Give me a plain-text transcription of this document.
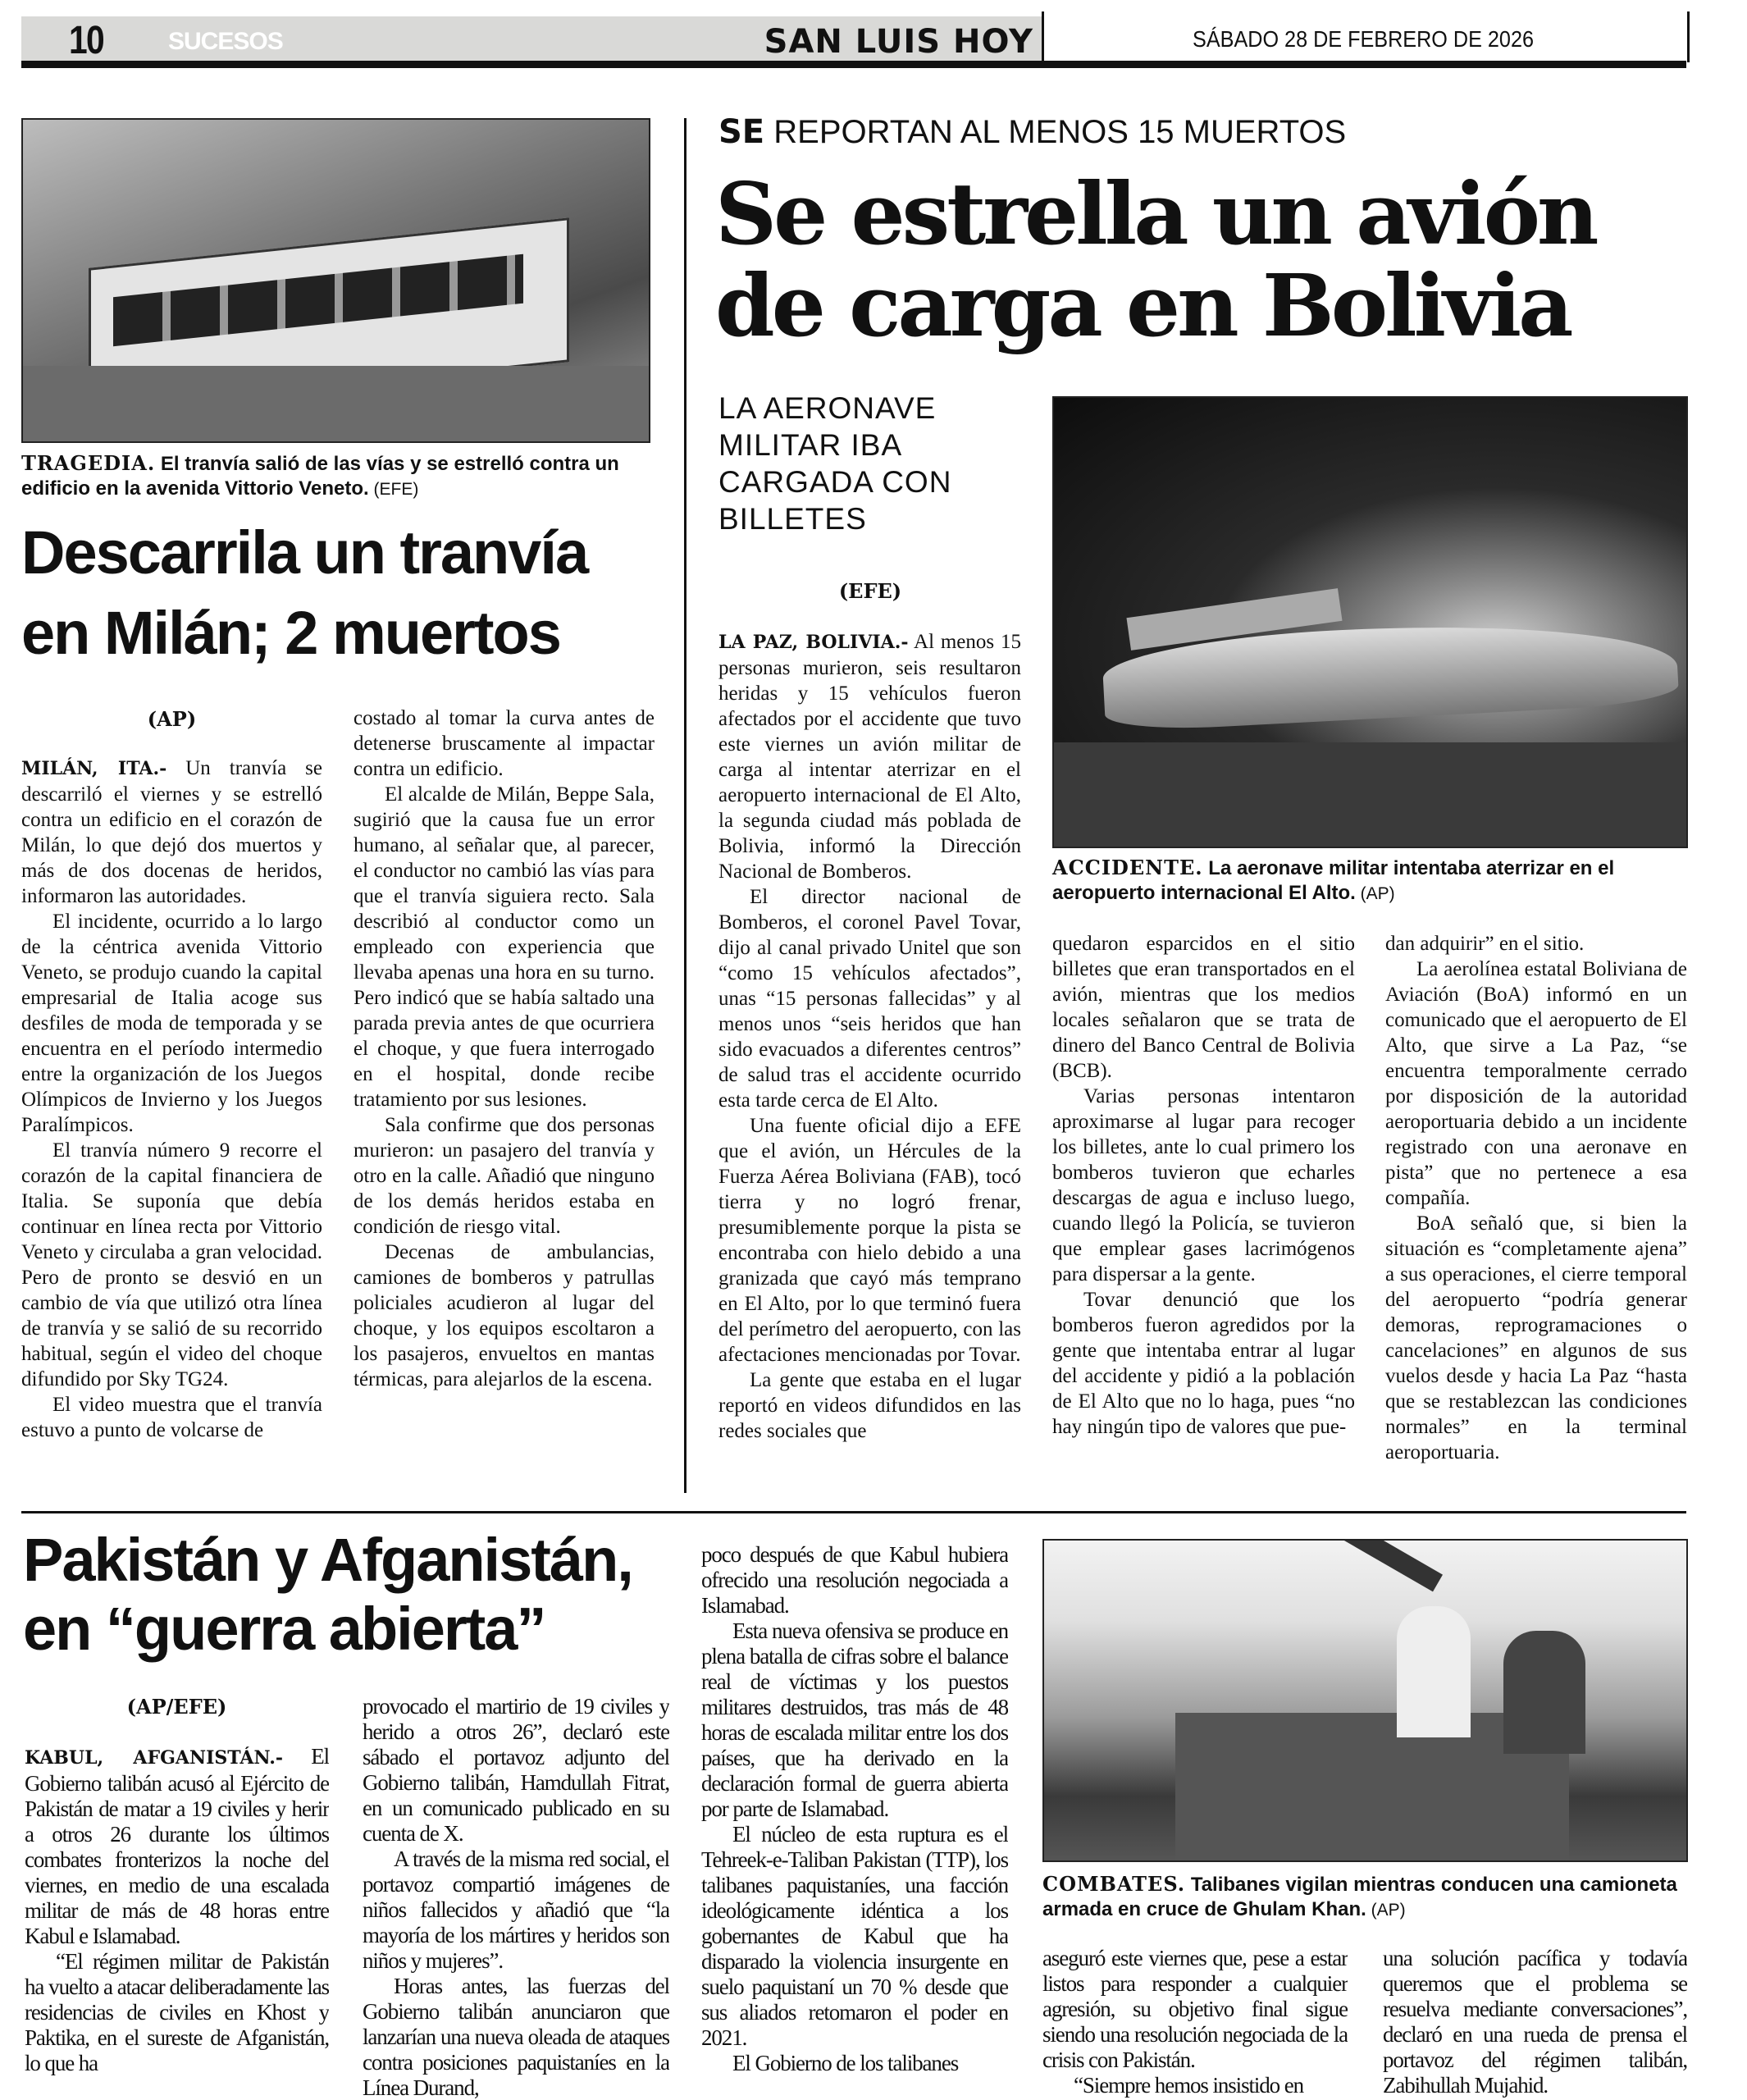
10	SUCESOS	SAN LUIS HOY	SÁBADO 28 DE FEBRERO DE 2026
TRAGEDIA. El tranvía salió de las vías y se estrelló contra un edificio en la avenida Vittorio Veneto. (EFE)
Descarrila un tranvía en Milán; 2 muertos
(AP)

MILÁN, ITA.- Un tranvía se descarriló el viernes y se estrelló contra un edificio en el corazón de Milán, lo que dejó dos muertos y más de dos docenas de heridos, informaron las autoridades.

El incidente, ocurrido a lo largo de la céntrica avenida Vittorio Veneto, se produjo cuando la capital empresarial de Italia acoge sus desfiles de moda de temporada y se encuentra en el período intermedio entre la organización de los Juegos Olímpicos de Invierno y los Juegos Paralímpicos.

El tranvía número 9 recorre el corazón de la capital financiera de Italia. Se suponía que debía continuar en línea recta por Vittorio Veneto y circulaba a gran velocidad. Pero de pronto se desvió en un cambio de vía que utilizó otra línea de tranvía y se salió de su recorrido habitual, según el video del choque difundido por Sky TG24.

El video muestra que el tranvía estuvo a punto de volcarse de

costado al tomar la curva antes de detenerse bruscamente al impactar contra un edificio.

El alcalde de Milán, Beppe Sala, sugirió que la causa fue un error humano, al señalar que, al parecer, el conductor no cambió las vías para que el tranvía siguiera recto. Sala describió al conductor como un empleado con experiencia que llevaba apenas una hora en su turno. Pero indicó que se había saltado una parada previa antes de que ocurriera el choque, y que fuera interrogado en el hospital, donde recibe tratamiento por sus lesiones.

Sala confirme que dos personas murieron: un pasajero del tranvía y otro en la calle. Añadió que ninguno de los demás heridos estaba en condición de riesgo vital.

Decenas de ambulancias, camiones de bomberos y patrullas policiales acudieron al lugar del choque, y los equipos escoltaron a los pasajeros, envueltos en mantas térmicas, para alejarlos de la escena.

SE REPORTAN AL MENOS 15 MUERTOS
Se estrella un avión
de carga en Bolivia
LA AERONAVE MILITAR IBA CARGADA CON BILLETES
(EFE)
ACCIDENTE. La aeronave militar intentaba aterrizar en el aeropuerto internacional El Alto. (AP)

LA PAZ, BOLIVIA.- Al menos 15 personas murieron, seis resultaron heridas y 15 vehículos fueron afectados por el accidente que tuvo este viernes un avión militar de carga al intentar aterrizar en el aeropuerto internacional de El Alto, la segunda ciudad más poblada de Bolivia, informó la Dirección Nacional de Bomberos.

El director nacional de Bomberos, el coronel Pavel Tovar, dijo al canal privado Unitel que son “como 15 vehículos afectados”, unas “15 personas fallecidas” y al menos unos “seis heridos que han sido evacuados a diferentes centros” de salud tras el accidente ocurrido esta tarde cerca de El Alto.

Una fuente oficial dijo a EFE que el avión, un Hércules de la Fuerza Aérea Boliviana (FAB), tocó tierra y no logró frenar, presumiblemente porque la pista se encontraba con hielo debido a una granizada que cayó más temprano en El Alto, por lo que terminó fuera del perímetro del aeropuerto, con las afectaciones mencionadas por Tovar.

La gente que estaba en el lugar reportó en videos difundidos en las redes sociales que

quedaron esparcidos en el sitio billetes que eran transportados en el avión, mientras que los medios locales señalaron que se trata de dinero del Banco Central de Bolivia (BCB).

Varias personas intentaron aproximarse al lugar para recoger los billetes, ante lo cual primero los bomberos tuvieron que echarles descargas de agua e incluso luego, cuando llegó la Policía, se tuvieron que emplear gases lacrimógenos para dispersar a la gente.

Tovar denunció que los bomberos fueron agredidos por la gente que intentaba entrar al lugar del accidente y pidió a la población de El Alto que no lo haga, pues “no hay ningún tipo de valores que pue-

dan adquirir” en el sitio.

La aerolínea estatal Boliviana de Aviación (BoA) informó en un comunicado que el aeropuerto de El Alto, que sirve a La Paz, “se encuentra temporalmente cerrado por disposición de la autoridad aeroportuaria debido a un incidente registrado con una aeronave en pista” que no pertenece a esa compañía.

BoA señaló que, si bien la situación es “completamente ajena” a sus operaciones, el cierre temporal del aeropuerto “podría generar demoras, reprogramaciones o cancelaciones” en algunos de sus vuelos desde y hacia La Paz “hasta que se restablezcan las condiciones normales” en la terminal aeroportuaria.

Pakistán y Afganistán, en “guerra abierta”
(AP/EFE)

KABUL, AFGANISTÁN.- El Gobierno talibán acusó al Ejército de Pakistán de matar a 19 civiles y herir a otros 26 durante los últimos combates fronterizos la noche del viernes, en medio de una escalada militar de más de 48 horas entre Kabul e Islamabad.

“El régimen militar de Pakistán ha vuelto a atacar deliberadamente las residencias de civiles en Khost y Paktika, en el sureste de Afganistán, lo que ha

provocado el martirio de 19 civiles y herido a otros 26”, declaró este sábado el portavoz adjunto del Gobierno talibán, Hamdullah Fitrat, en un comunicado publicado en su cuenta de X.

A través de la misma red social, el portavoz compartió imágenes de niños fallecidos y añadió que “la mayoría de los mártires y heridos son niños y mujeres”.

Horas antes, las fuerzas del Gobierno talibán anunciaron que lanzarían una nueva oleada de ataques contra posiciones paquistaníes en la Línea Durand,

poco después de que Kabul hubiera ofrecido una resolución negociada a Islamabad.

Esta nueva ofensiva se produce en plena batalla de cifras sobre el balance real de víctimas y los puestos militares destruidos, tras más de 48 horas de escalada militar entre los dos países, que ha derivado en la declaración formal de guerra abierta por parte de Islamabad.

El núcleo de esta ruptura es el Tehreek-e-Taliban Pakistan (TTP), los talibanes paquistaníes, una facción ideológicamente idéntica a los gobernantes de Kabul que ha disparado la violencia insurgente en suelo paquistaní un 70 % desde que sus aliados retomaron el poder en 2021.

El Gobierno de los talibanes

COMBATES. Talibanes vigilan mientras conducen una camioneta armada en cruce de Ghulam Khan. (AP)

aseguró este viernes que, pese a estar listos para responder a cualquier agresión, su objetivo final sigue siendo una resolución negociada de la crisis con Pakistán.

“Siempre hemos insistido en

una solución pacífica y todavía queremos que el problema se resuelva mediante conversaciones”, declaró en una rueda de prensa el portavoz del régimen talibán, Zabihullah Mujahid.
